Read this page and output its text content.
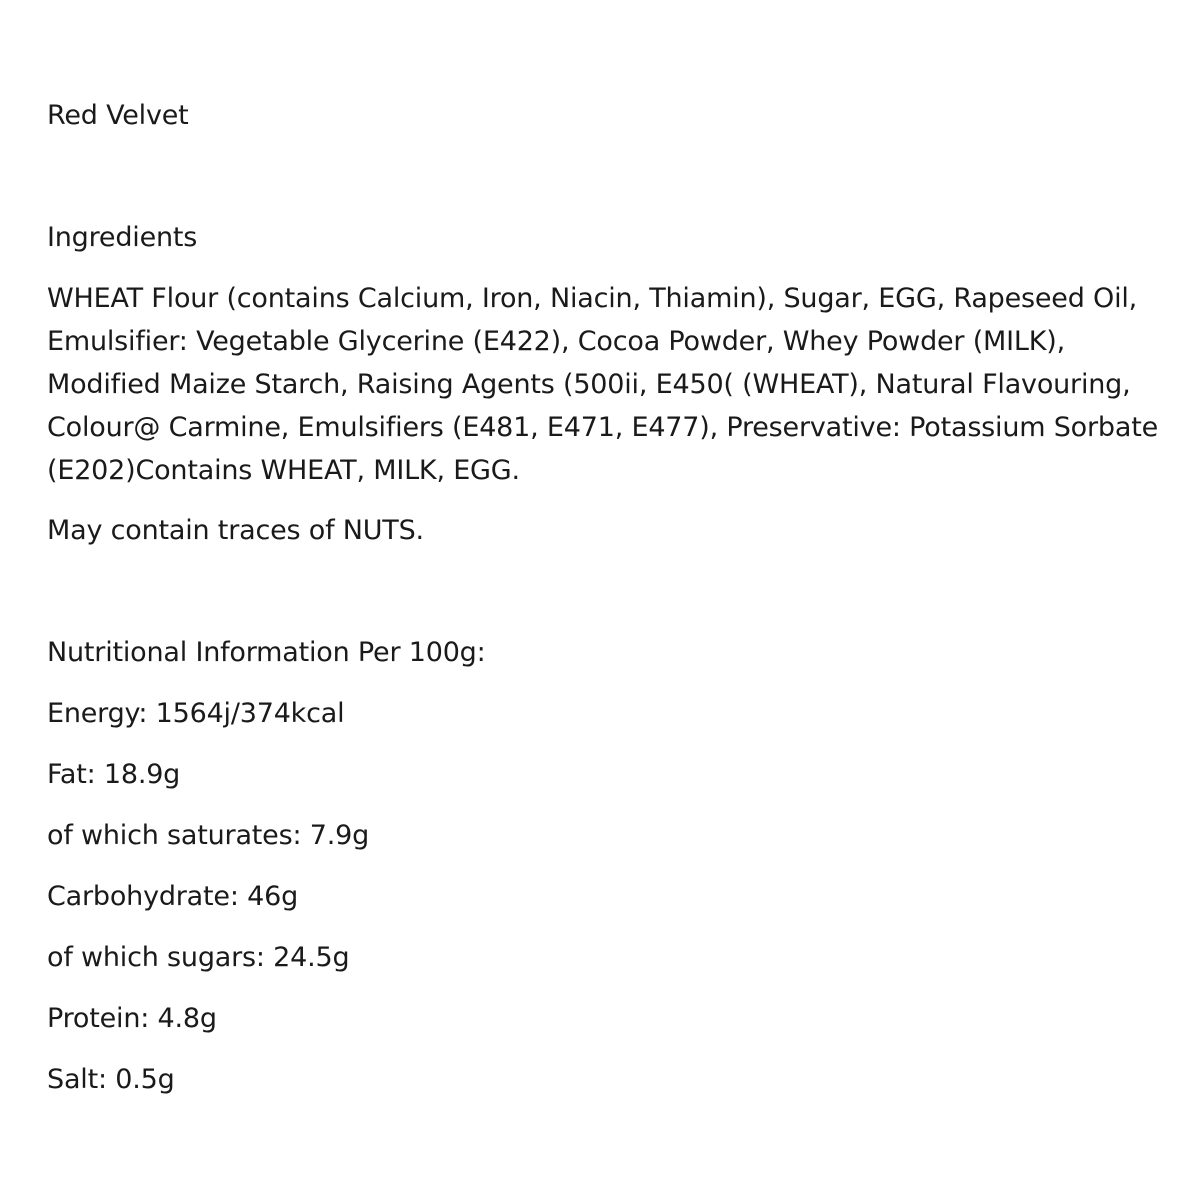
Red Velvet
Ingredients
WHEAT Flour (contains Calcium, Iron, Niacin, Thiamin), Sugar, EGG, Rapeseed Oil,
Emulsifier: Vegetable Glycerine (E422), Cocoa Powder, Whey Powder (MILK),
Modified Maize Starch, Raising Agents (500ii, E450( (WHEAT), Natural Flavouring,
Colour@ Carmine, Emulsifiers (E481, E471, E477), Preservative: Potassium Sorbate
(E202)Contains WHEAT, MILK, EGG.
May contain traces of NUTS.
Nutritional Information Per 100g:
Energy: 1564j/374kcal
Fat: 18.9g
of which saturates: 7.9g
Carbohydrate: 46g
of which sugars: 24.5g
Protein: 4.8g
Salt: 0.5g
